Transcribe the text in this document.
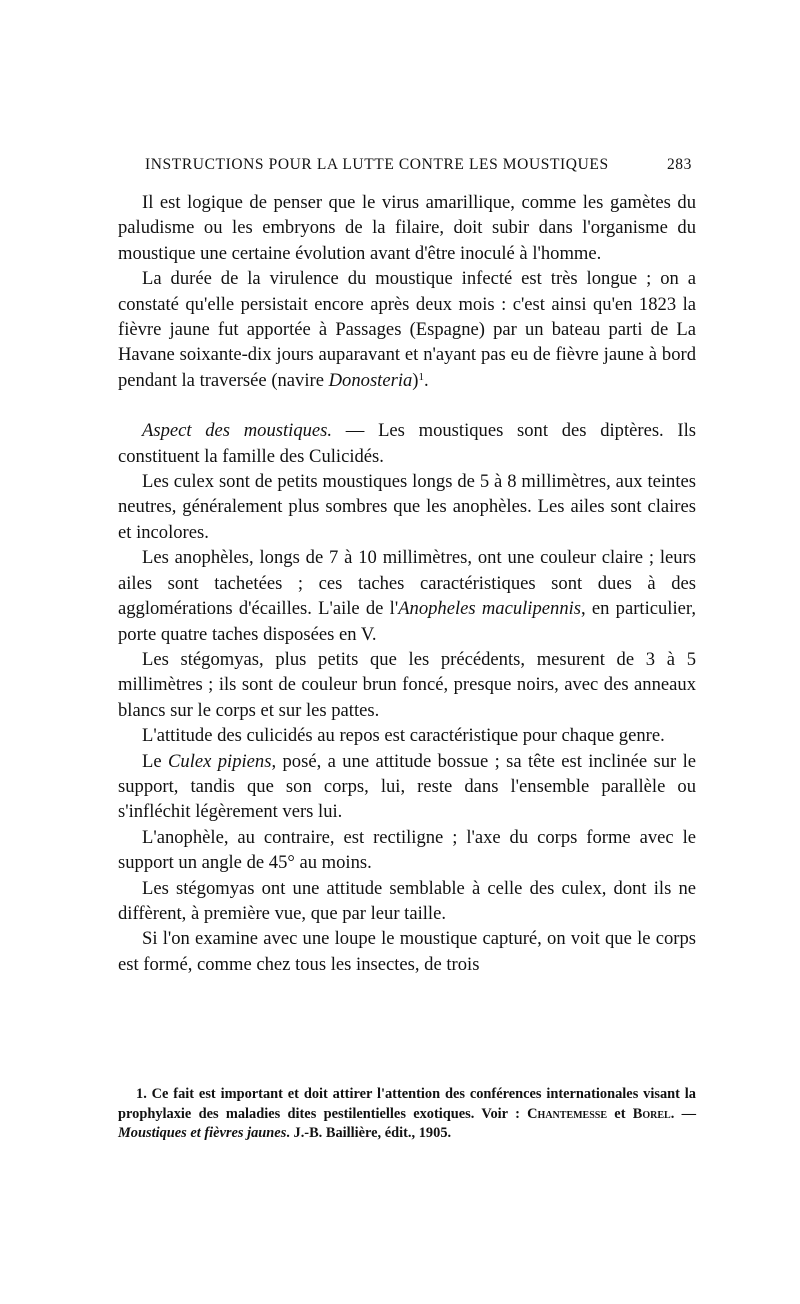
INSTRUCTIONS POUR LA LUTTE CONTRE LES MOUSTIQUES	283

Il est logique de penser que le virus amarillique, comme les gamètes du paludisme ou les embryons de la filaire, doit subir dans l'organisme du moustique une certaine évolution avant d'être inoculé à l'homme.

La durée de la virulence du moustique infecté est très longue ; on a constaté qu'elle persistait encore après deux mois : c'est ainsi qu'en 1823 la fièvre jaune fut apportée à Passages (Espagne) par un bateau parti de La Havane soixante-dix jours auparavant et n'ayant pas eu de fièvre jaune à bord pendant la traversée (navire Donosteria)$^1$.

Aspect des moustiques. — Les moustiques sont des diptères. Ils constituent la famille des Culicidés.

Les culex sont de petits moustiques longs de 5 à 8 millimètres, aux teintes neutres, généralement plus sombres que les anophèles. Les ailes sont claires et incolores.

Les anophèles, longs de 7 à 10 millimètres, ont une couleur claire ; leurs ailes sont tachetées ; ces taches caractéristiques sont dues à des agglomérations d'écailles. L'aile de l'Anopheles maculipennis, en particulier, porte quatre taches disposées en V.

Les stégomyas, plus petits que les précédents, mesurent de 3 à 5 millimètres ; ils sont de couleur brun foncé, presque noirs, avec des anneaux blancs sur le corps et sur les pattes.

L'attitude des culicidés au repos est caractéristique pour chaque genre.

Le Culex pipiens, posé, a une attitude bossue ; sa tête est inclinée sur le support, tandis que son corps, lui, reste dans l'ensemble parallèle ou s'infléchit légèrement vers lui.

L'anophèle, au contraire, est rectiligne ; l'axe du corps forme avec le support un angle de 45° au moins.

Les stégomyas ont une attitude semblable à celle des culex, dont ils ne diffèrent, à première vue, que par leur taille.

Si l'on examine avec une loupe le moustique capturé, on voit que le corps est formé, comme chez tous les insectes, de trois

1. Ce fait est important et doit attirer l'attention des conférences internationales visant la prophylaxie des maladies dites pestilentielles exotiques. Voir : Chantemesse et Borel. — Moustiques et fièvres jaunes. J.-B. Baillière, édit., 1905.
